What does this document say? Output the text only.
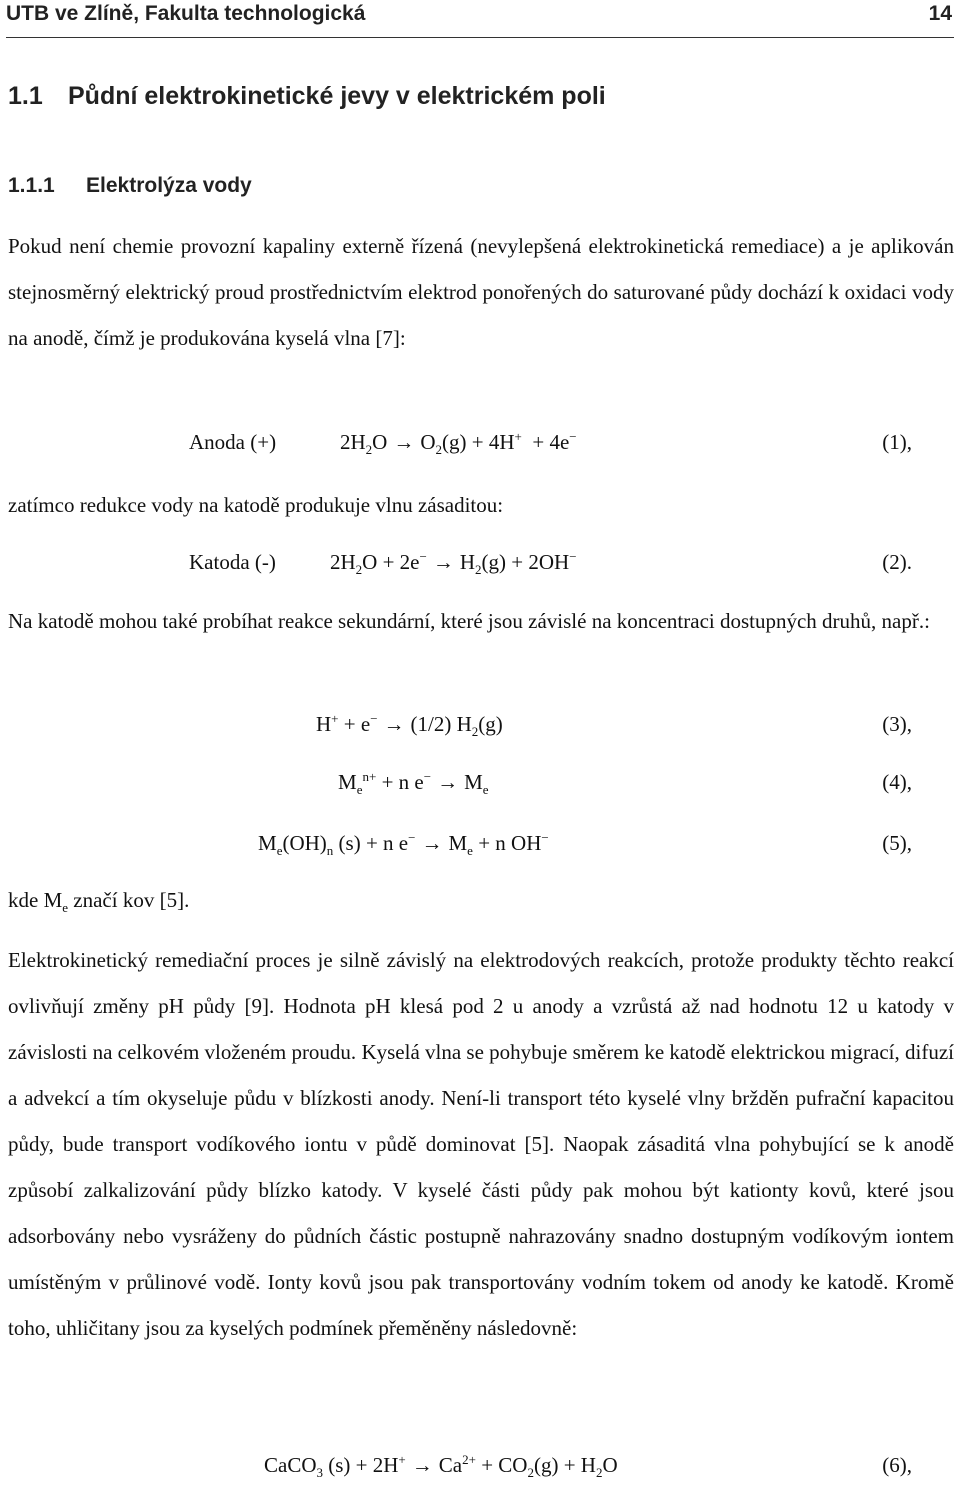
UTB ve Zlíně, Fakulta technologická	14
1.1 Půdní elektrokinetické jevy v elektrickém poli
1.1.1 Elektrolýza vody
Pokud není chemie provozní kapaliny externě řízená (nevylepšená elektrokinetická remediace) a je aplikován stejnosměrný elektrický proud prostřednictvím elektrod ponořených do saturované půdy dochází k oxidaci vody na anodě, čímž je produkována kyselá vlna [7]:
Anoda (+)	$2H_2O \to O_2(g) + 4H^+ + 4e^-$	(1),
zatímco redukce vody na katodě produkuje vlnu zásaditou:
Katoda (-)	$2H_2O + 2e^- \to H_2(g) + 2OH^-$	(2).
Na katodě mohou také probíhat reakce sekundární, které jsou závislé na koncentraci dostupných druhů, např.:
H+ + e− → (1/2) $H_2(g)$	(3),
$M_e^{n+} + n$ $e^- \to M_e$	(4),
$M_e(OH)_n$ (s) + n $e^- \to M_e + n$ OH−	(5),
kde $M_e$ značí kov [5].
Elektrokinetický remediační proces je silně závislý na elektrodových reakcích, protože produkty těchto reakcí ovlivňují změny pH půdy [9]. Hodnota pH klesá pod 2 u anody a vzrůstá až nad hodnotu 12 u katody v závislosti na celkovém vloženém proudu. Kyselá vlna se pohybuje směrem ke katodě elektrickou migrací, difuzí a advekcí a tím okyseluje půdu v blízkosti anody. Není-li transport této kyselé vlny bržděn pufrační kapacitou půdy, bude transport vodíkového iontu v půdě dominovat [5]. Naopak zásaditá vlna pohybující se k anodě způsobí zalkalizování půdy blízko katody. V kyselé části půdy pak mohou být kationty kovů, které jsou adsorbovány nebo vysráženy do půdních částic postupně nahrazovány snadno dostupným vodíkovým iontem umístěným v průlinové vodě. Ionty kovů jsou pak transportovány vodním tokem od anody ke katodě. Kromě toho, uhličitany jsou za kyselých podmínek přeměněny následovně:
CaCO$_3$ $(s) + 2H^+ \to Ca^{2+} + CO_2(g) + H_2O$	(6),
